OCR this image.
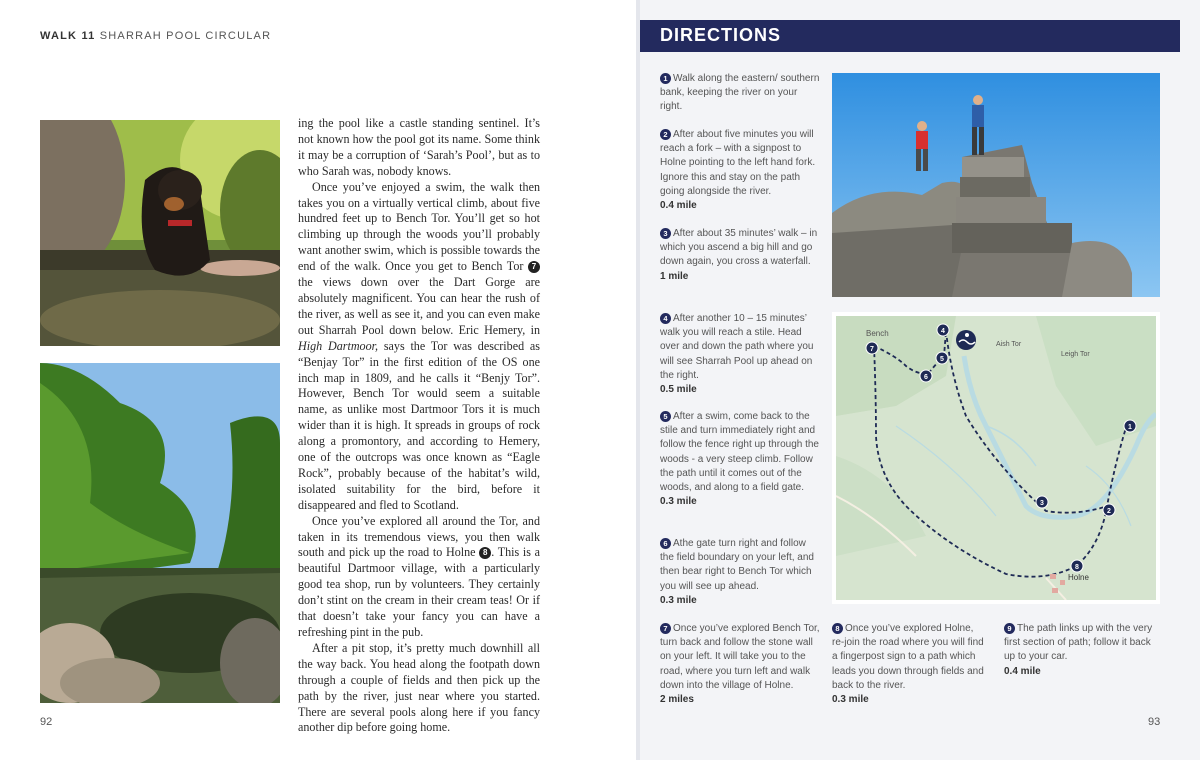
WALK 11 SHARRAH POOL CIRCULAR

ing the pool like a castle standing sentinel. It’s not known how the pool got its name. Some think it may be a corruption of ‘Sarah’s Pool’, but as to who Sarah was, nobody knows.

Once you’ve enjoyed a swim, the walk then takes you on a virtually vertical climb, about five hundred feet up to Bench Tor. You’ll get so hot climbing up through the woods you’ll probably want another swim, which is possible towards the end of the walk. Once you get to Bench Tor 7 the views down over the Dart Gorge are absolutely magnificent. You can hear the rush of the river, as well as see it, and you can even make out Sharrah Pool down below. Eric Hemery, in High Dartmoor, says the Tor was described as “Benjay Tor” in the first edition of the OS one inch map in 1809, and he calls it “Benjy Tor”. However, Bench Tor would seem a suitable name, as unlike most Dartmoor Tors it is much wider than it is high. It spreads in groups of rock along a promontory, and according to Hemery, one of the outcrops was once known as “Eagle Rock”, probably because of the habitat’s wild, isolated suitability for the bird, before it disappeared and fled to Scotland.

Once you’ve explored all around the Tor, and taken in its tremendous views, you then walk south and pick up the road to Holne 8 . This is a beautiful Dartmoor village, with a particularly good tea shop, run by volunteers. They certainly don’t stint on the cream in their cream teas! Or if that doesn’t take your fancy you can have a refreshing pint in the pub.

After a pit stop, it’s pretty much downhill all the way back. You head along the footpath down through a couple of fields and then pick up the path by the river, just near where you started. There are several pools along here if you fancy another dip before going home.

92
DIRECTIONS
1 Walk along the eastern/ southern bank, keeping the river on your right.
2 After about five minutes you will reach a fork – with a signpost to Holne pointing to the left hand fork. Ignore this and stay on the path going alongside the river.
0.4 mile
3 After about 35 minutes’ walk – in which you ascend a big hill and go down again, you cross a waterfall.
1 mile
4 After another 10 – 15 minutes’ walk you will reach a stile. Head over and down the path where you will see Sharrah Pool up ahead on the right.
0.5 mile
5 After a swim, come back to the stile and turn immediately right and follow the fence right up through the woods - a very steep climb. Follow the path until it comes out of the woods, and along to a field gate.
0.3 mile
6 Athe gate turn right and follow the field boundary on your left, and then bear right to Bench Tor which you will see up ahead.
0.3 mile
7 Once you’ve explored Bench Tor, turn back and follow the stone wall on your left. It will take you to the road, where you turn left and walk down into the village of Holne.
2 miles
8 Once you’ve explored Holne, re-join the road where you will find a fingerpost sign to a path which leads you down through fields and back to the river.
0.3 mile
9 The path links up with the very first section of path; follow it back up to your car.
0.4 mile
Bench
Aish Tor
Leigh Tor
Holne
1
2
3
4
5
6
7
8
93
